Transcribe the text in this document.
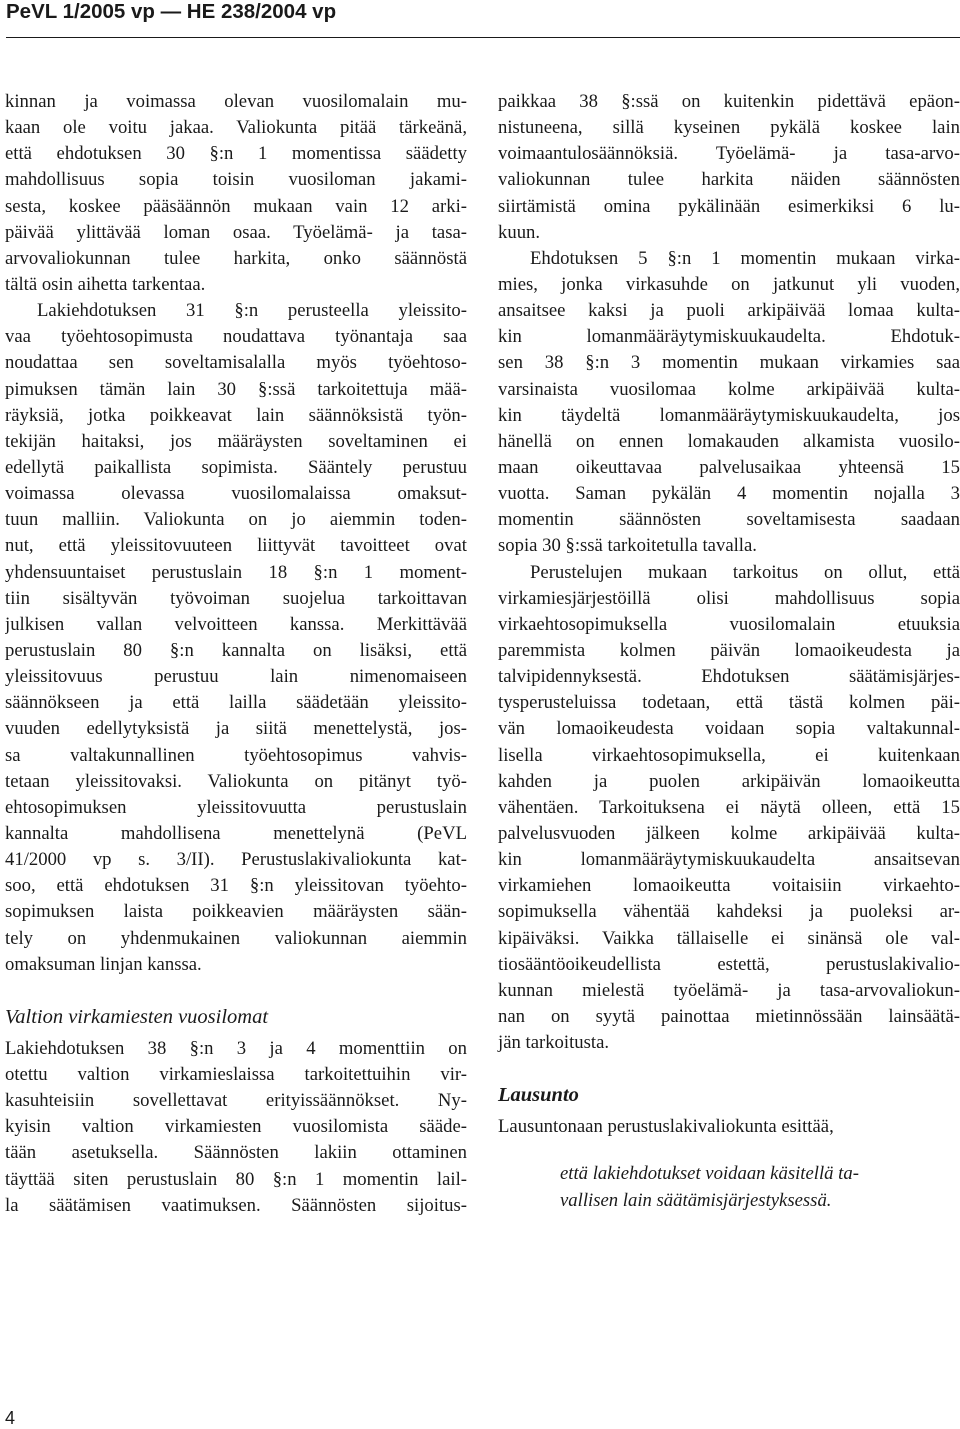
PeVL 1/2005 vp — HE 238/2004 vp
kinnan ja voimassa olevan vuosilomalain mu-
kaan ole voitu jakaa. Valiokunta pitää tärkeänä,
että ehdotuksen 30 §:n 1 momentissa säädetty
mahdollisuus sopia toisin vuosiloman jakami-
sesta, koskee pääsäännön mukaan vain 12 arki-
päivää ylittävää loman osaa. Työelämä- ja tasa-
arvovaliokunnan tulee harkita, onko säännöstä
tältä osin aihetta tarkentaa.
Lakiehdotuksen 31 §:n perusteella yleissito-
vaa työehtosopimusta noudattava työnantaja saa
noudattaa sen soveltamisalalla myös työehtoso-
pimuksen tämän lain 30 §:ssä tarkoitettuja mää-
räyksiä, jotka poikkeavat lain säännöksistä työn-
tekijän haitaksi, jos määräysten soveltaminen ei
edellytä paikallista sopimista. Sääntely perustuu
voimassa olevassa vuosilomalaissa omaksut-
tuun malliin. Valiokunta on jo aiemmin toden-
nut, että yleissitovuuteen liittyvät tavoitteet ovat
yhdensuuntaiset perustuslain 18 §:n 1 moment-
tiin sisältyvän työvoiman suojelua tarkoittavan
julkisen vallan velvoitteen kanssa. Merkittävää
perustuslain 80 §:n kannalta on lisäksi, että
yleissitovuus perustuu lain nimenomaiseen
säännökseen ja että lailla säädetään yleissito-
vuuden edellytyksistä ja siitä menettelystä, jos-
sa valtakunnallinen työehtosopimus vahvis-
tetaan yleissitovaksi. Valiokunta on pitänyt työ-
ehtosopimuksen yleissitovuutta perustuslain
kannalta mahdollisena menettelynä (PeVL
41/2000 vp s. 3/II). Perustuslakivaliokunta kat-
soo, että ehdotuksen 31 §:n yleissitovan työehto-
sopimuksen laista poikkeavien määräysten sään-
tely on yhdenmukainen valiokunnan aiemmin
omaksuman linjan kanssa.

Valtion virkamiesten vuosilomat

Lakiehdotuksen 38 §:n 3 ja 4 momenttiin on
otettu valtion virkamieslaissa tarkoitettuihin vir-
kasuhteisiin sovellettavat erityissäännökset. Ny-
kyisin valtion virkamiesten vuosilomista sääde-
tään asetuksella. Säännösten lakiin ottaminen
täyttää siten perustuslain 80 §:n 1 momentin lail-
la säätämisen vaatimuksen. Säännösten sijoitus-
paikkaa 38 §:ssä on kuitenkin pidettävä epäon-
nistuneena, sillä kyseinen pykälä koskee lain
voimaantulosäännöksiä. Työelämä- ja tasa-arvo-
valiokunnan tulee harkita näiden säännösten
siirtämistä omina pykälinään esimerkiksi 6 lu-
kuun.
Ehdotuksen 5 §:n 1 momentin mukaan virka-
mies, jonka virkasuhde on jatkunut yli vuoden,
ansaitsee kaksi ja puoli arkipäivää lomaa kulta-
kin lomanmääräytymiskuukaudelta. Ehdotuk-
sen 38 §:n 3 momentin mukaan virkamies saa
varsinaista vuosilomaa kolme arkipäivää kulta-
kin täydeltä lomanmääräytymiskuukaudelta, jos
hänellä on ennen lomakauden alkamista vuosilo-
maan oikeuttavaa palvelusaikaa yhteensä 15
vuotta. Saman pykälän 4 momentin nojalla 3
momentin säännösten soveltamisesta saadaan
sopia 30 §:ssä tarkoitetulla tavalla.
Perustelujen mukaan tarkoitus on ollut, että
virkamiesjärjestöillä olisi mahdollisuus sopia
virkaehtosopimuksella vuosilomalain etuuksia
paremmista kolmen päivän lomaoikeudesta ja
talvipidennyksestä. Ehdotuksen säätämisjärjes-
tysperusteluissa todetaan, että tästä kolmen päi-
vän lomaoikeudesta voidaan sopia valtakunnal-
lisella virkaehtosopimuksella, ei kuitenkaan
kahden ja puolen arkipäivän lomaoikeutta
vähentäen. Tarkoituksena ei näytä olleen, että 15
palvelusvuoden jälkeen kolme arkipäivää kulta-
kin lomanmääräytymiskuukaudelta ansaitsevan
virkamiehen lomaoikeutta voitaisiin virkaehto-
sopimuksella vähentää kahdeksi ja puoleksi ar-
kipäiväksi. Vaikka tällaiselle ei sinänsä ole val-
tiosääntöoikeudellista estettä, perustuslakivalio-
kunnan mielestä työelämä- ja tasa-arvovaliokun-
nan on syytä painottaa mietinnössään lainsäätä-
jän tarkoitusta.

Lausunto

Lausuntonaan perustuslakivaliokunta esittää,
että lakiehdotukset voidaan käsitellä ta-
vallisen lain säätämisjärjestyksessä.
4
